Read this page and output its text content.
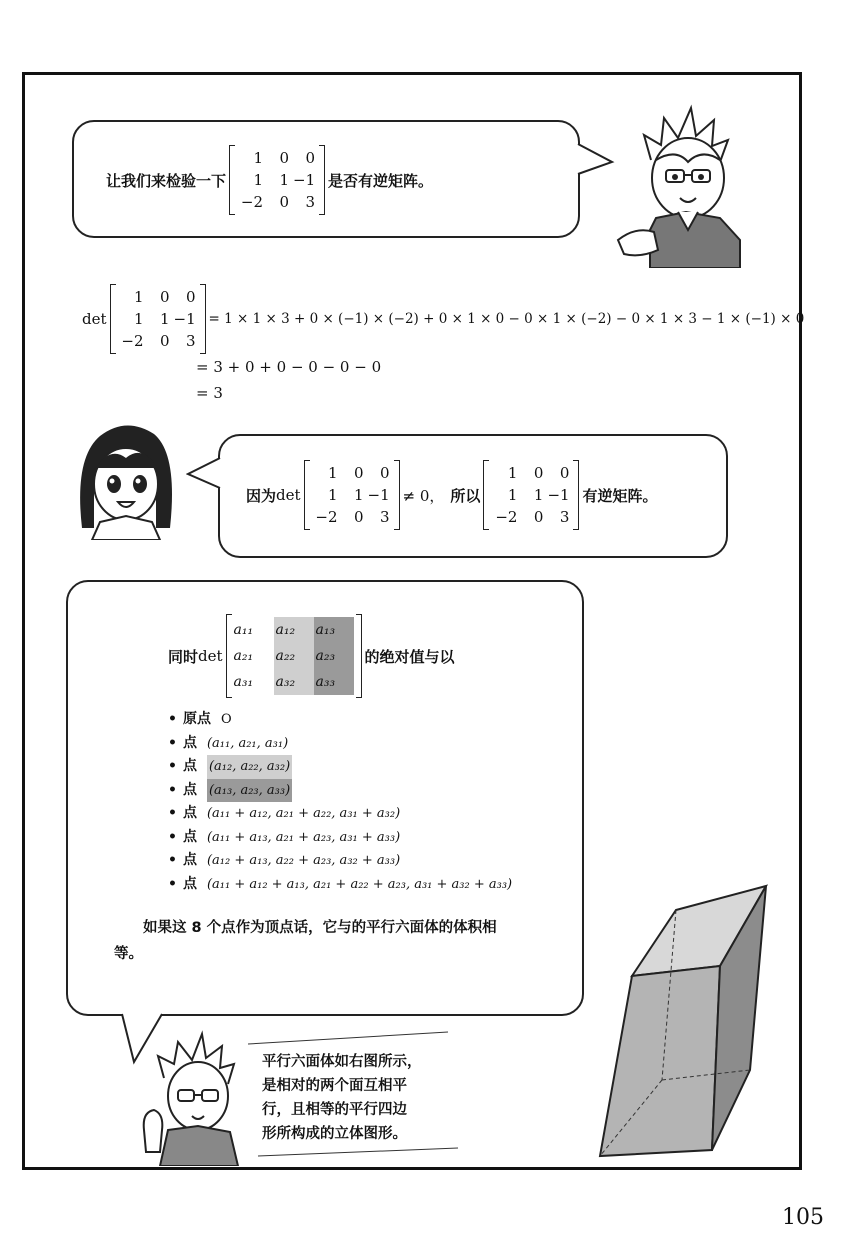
让我们来检验一下
1	0	0
1	1 −1
−2	0	3
是否有逆矩阵。
det
1	0	0
1	1 −1
−2	0	3
= 1 × 1 × 3 + 0 × (−1) × (−2) + 0 × 1 × 0 − 0 × 1 × (−2) − 0 × 1 × 3 − 1 × (−1) × 0
= 3 + 0 + 0 − 0 − 0 − 0
= 3
因为 det
1	0	0
1	1 −1
−2	0	3
≠ 0， 所以
1	0	0
1	1 −1
−2	0	3
有逆矩阵。
同时 det
a₁₁	a₁₂	a₁₃
a₂₁	a₂₂	a₂₃
a₃₁	a₃₂	a₃₃
的绝对值与以
• 原点 O
• 点 (a₁₁, a₂₁, a₃₁)
• 点 (a₁₂, a₂₂, a₃₂)
• 点 (a₁₃, a₂₃, a₃₃)
• 点 (a₁₁ + a₁₂, a₂₁ + a₂₂, a₃₁ + a₃₂)
• 点 (a₁₁ + a₁₃, a₂₁ + a₂₃, a₃₁ + a₃₃)
• 点 (a₁₂ + a₁₃, a₂₂ + a₂₃, a₃₂ + a₃₃)
• 点 (a₁₁ + a₁₂ + a₁₃, a₂₁ + a₂₂ + a₂₃, a₃₁ + a₃₂ + a₃₃)
如果这 8 个点作为顶点话，它与的平行六面体的体积相等。
平行六面体如右图所示，
是相对的两个面互相平
行，且相等的平行四边
形所构成的立体图形。
105
